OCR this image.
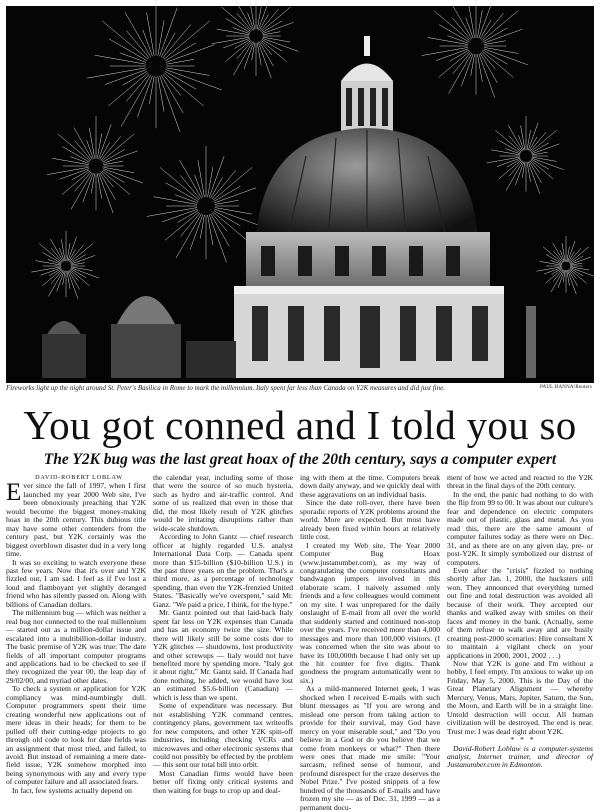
Fireworks light up the night around St. Peter's Basilica in Rome to mark the millennium. Italy spent far less than Canada on Y2K measures and did just fine.	PAUL HANNA/Reuters
You got conned and I told you so
The Y2K bug was the last great hoax of the 20th century, says a computer expert

DAVID-ROBERT LOBLAW

Ever since the fall of 1997, when I first launched my year 2000 Web site, I've been obnoxiously preaching that Y2K would become the biggest money-making hoax in the 20th century. This dubious title may have some other contenders from the century past, but Y2K certainly was the biggest overblown disaster dud in a very long time.

It was so exciting to watch everyone these past few years. Now that it's over and Y2K fizzled out, I am sad. I feel as if I've lost a loud and flamboyant yet slightly deranged friend who has silently passed on. Along with billions of Canadian dollars.

The millennium bug — which was neither a real bug nor connected to the real millennium — started out as a million-dollar issue and escalated into a multibillion-dollar industry. The basic premise of Y2K was true: The date fields of all important computer programs and applications had to be checked to see if they recognized the year 00, the leap day of 29/02/00, and myriad other dates.

To check a system or application for Y2K compliancy was mind-numbingly dull. Computer programmers spent their time creating wonderful new applications out of mere ideas in their heads; for them to be pulled off their cutting-edge projects to go through old code to look for date fields was an assignment that most tried, and failed, to avoid. But instead of remaining a mere date-field issue, Y2K somehow morphed into being synonymous with any and every type of computer failure and all associated fears.

In fact, few systems actually depend on

the calendar year, including some of those that were the source of so much hysteria, such as hydro and air-traffic control. And some of us realized that even in those that did, the most likely result of Y2K glitches would be irritating disruptions rather than wide-scale shutdown.

According to John Gantz — chief research officer at highly regarded U.S. analyst International Data Corp. — Canada spent more than $15-billion ($10-billion U.S.) in the past three years on the problem. That's a third more, as a percentage of technology spending, than even the Y2K-frenzied United States. "Basically we've overspent," said Mr. Ganz. "We paid a price, I think, for the hype."

Mr. Gantz pointed out that laid-back Italy spent far less on Y2K expenses than Canada and has an economy twice the size. While there will likely still be some costs due to Y2K glitches — shutdowns, lost productivity and other screwups — Italy would not have benefited more by spending more. "Italy got it about right," Mr. Gantz said. If Canada had done nothing, he added, we would have lost an estimated $5.6-billion (Canadian) — which is less than we spent.

Some of expenditure was necessary. But not establishing Y2K command centres, contingency plans, government tax writeoffs for new computers, and other Y2K spin-off industries, including checking VCRs and microwaves and other electronic systems that could not possibly be effected by the problem — this sent our total bill into orbit.

Most Canadian firms would have been better off fixing only critical systems and then waiting for bugs to crop up and deal-

ing with them at the time. Computers break down daily anyway, and we quickly deal with these aggravations on an individual basis.

Since the date roll-over, there have been sporadic reports of Y2K problems around the world. More are expected. But most have already been fixed within hours at relatively little cost.

I created my Web site, The Year 2000 Computer Bug Hoax (www.justanumber.com), as my way of congratulating the computer consultants and bandwagon jumpers involved in this elaborate scam. I naively assumed only friends and a few colleagues would comment on my site. I was unprepared for the daily onslaught of E-mail from all over the world that suddenly started and continued non-stop over the years. I've received more than 4,000 messages and more than 100,000 visitors. (I was concerned when the site was about to have its 100,000th because I had only set up the hit counter for five digits. Thank goodness the program automatically went to six.)

As a mild-mannered Internet geek, I was shocked when I received E-mails with such blunt messages as "If you are wrong and mislead one person from taking action to provide for their survival, may God have mercy on your miserable soul," and "Do you believe in a God or do you believe that we come from monkeys or what?" Then there were ones that made me smile: "Your sarcasm, refined sense of humour, and profound disrespect for the craze deserves the Nobel Prize." I've posted snippets of a few hundred of the thousands of E-mails and have frozen my site — as of Dec. 31, 1999 — as a permanent docu-

ment of how we acted and reacted to the Y2K threat in the final days of the 20th century.

In the end, the panic had nothing to do with the flip from 99 to 00. It was about our culture's fear and dependence on electric computers made out of plastic, glass and metal. As you read this, there are the same amount of computer failures today as there were on Dec. 31, and as there are on any given day, pre- or post-Y2K. It simply symbolized our distrust of computers.

Even after the "crisis" fizzled to nothing shortly after Jan. 1, 2000, the hucksters still won. They announced that everything turned out fine and total destruction was avoided all because of their work. They accepted our thanks and walked away with smiles on their faces and money in the bank. (Actually, some of them refuse to walk away and are busily creating post-2000 scenarios: Hire consultant X to maintain a vigilant check on your applications in 2000, 2001, 2002 . . .)

Now that Y2K is gone and I'm without a hobby, I feel empty. I'm anxious to wake up on Friday, May 5, 2000. This is the Day of the Great Planetary Alignment — whereby Mercury, Venus, Mars, Jupiter, Saturn, the Sun, the Moon, and Earth will be in a straight line. Untold destruction will occur. All human civilization will be destroyed. The end is near. Trust me: I was dead right about Y2K.

* * *

David-Robert Loblaw is a computer-systems analyst, Internet trainer, and director of Justanumber.com in Edmonton.
